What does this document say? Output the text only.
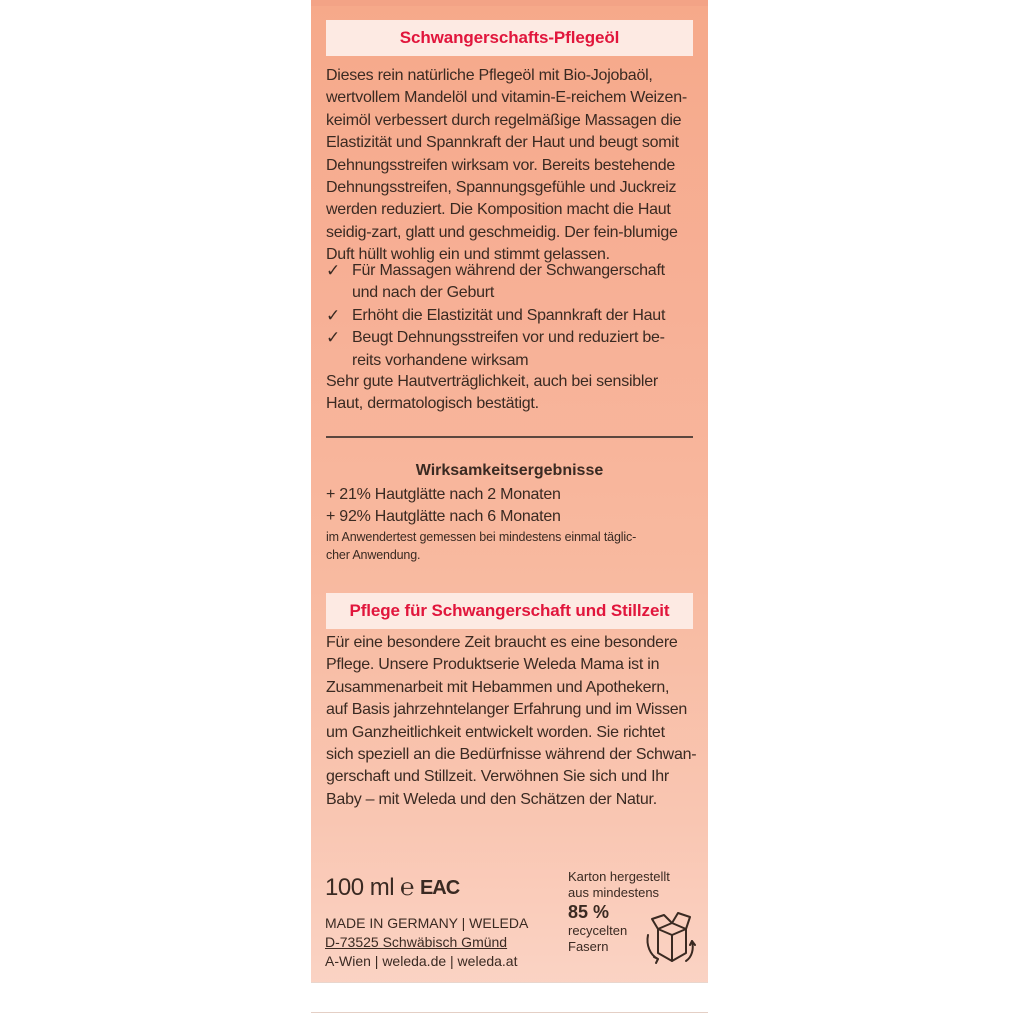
Schwangerschafts-Pflegeöl
Dieses rein natürliche Pflegeöl mit Bio-Jojobaöl,
wertvollem Mandelöl und vitamin-E-reichem Weizen-
keimöl verbessert durch regelmäßige Massagen die
Elastizität und Spannkraft der Haut und beugt somit
Dehnungsstreifen wirksam vor. Bereits bestehende
Dehnungsstreifen, Spannungsgefühle und Juckreiz
werden reduziert. Die Komposition macht die Haut
seidig-zart, glatt und geschmeidig. Der fein-blumige
Duft hüllt wohlig ein und stimmt gelassen.
✓ Für Massagen während der Schwangerschaft
und nach der Geburt
✓ Erhöht die Elastizität und Spannkraft der Haut
✓ Beugt Dehnungsstreifen vor und reduziert be-
reits vorhandene wirksam
Sehr gute Hautverträglichkeit, auch bei sensibler
Haut, dermatologisch bestätigt.
Wirksamkeitsergebnisse
+ 21% Hautglätte nach 2 Monaten
+ 92% Hautglätte nach 6 Monaten
im Anwendertest gemessen bei mindestens einmal täglic-
cher Anwendung.
Pflege für Schwangerschaft und Stillzeit
Für eine besondere Zeit braucht es eine besondere
Pflege. Unsere Produktserie Weleda Mama ist in
Zusammenarbeit mit Hebammen und Apothekern,
auf Basis jahrzehntelanger Erfahrung und im Wissen
um Ganzheitlichkeit entwickelt worden. Sie richtet
sich speziell an die Bedürfnisse während der Schwan-
gerschaft und Stillzeit. Verwöhnen Sie sich und Ihr
Baby – mit Weleda und den Schätzen der Natur.
100 ml ℮ EAC
MADE IN GERMANY | WELEDA
D-73525 Schwäbisch Gmünd
A-Wien | weleda.de | weleda.at
Karton hergestellt
aus mindestens
85 %
recycelten
Fasern
